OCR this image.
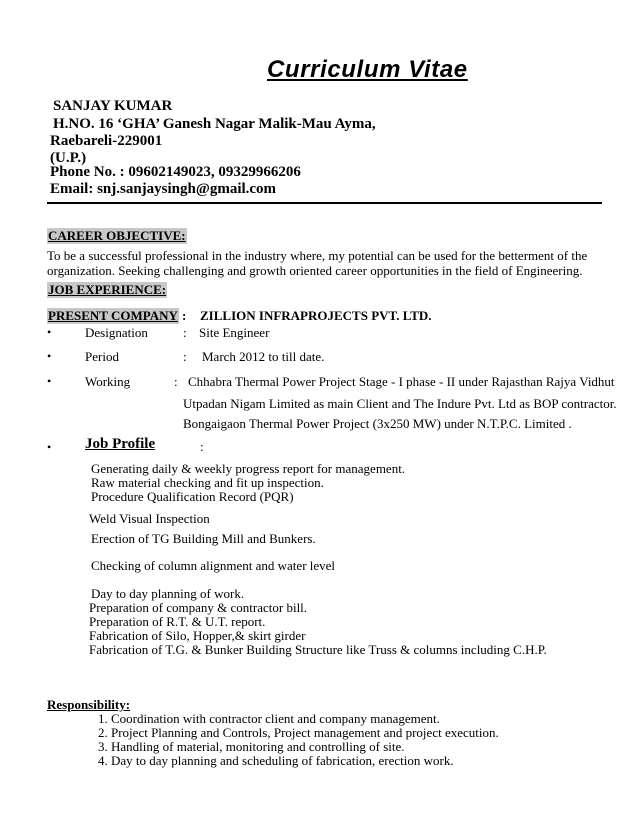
Curriculum Vitae
SANJAY KUMAR
H.NO. 16 ‘GHA’ Ganesh Nagar Malik-Mau Ayma,
Raebareli-229001
(U.P.)
Phone No. : 09602149023, 09329966206
Email: snj.sanjaysingh@gmail.com
CAREER OBJECTIVE:
To be a successful professional in the industry where, my potential can be used for the betterment of the organization. Seeking challenging and growth oriented career opportunities in the field of Engineering.
JOB EXPERIENCE:
PRESENT COMPANY : ZILLION INFRAPROJECTS PVT. LTD.
•	Designation	: Site Engineer
•	Period	: March 2012 to till date.
•	Working	: Chhabra Thermal Power Project Stage - I phase - II under Rajasthan Rajya Vidhut
Utpadan Nigam Limited as main Client and The Indure Pvt. Ltd as BOP contractor.
Bongaigaon Thermal Power Project (3x250 MW) under N.T.P.C. Limited .
• Job Profile	:
Generating daily & weekly progress report for management.
Raw material checking and fit up inspection.
Procedure Qualification Record (PQR)
Weld Visual Inspection
Erection of TG Building Mill and Bunkers.
Checking of column alignment and water level
Day to day planning of work.
Preparation of company & contractor bill.
Preparation of R.T. & U.T. report.
Fabrication of Silo, Hopper,& skirt girder
Fabrication of T.G. & Bunker Building Structure like Truss & columns including C.H.P.
Responsibility:
1. Coordination with contractor client and company management.
2. Project Planning and Controls, Project management and project execution.
3. Handling of material, monitoring and controlling of site.
4. Day to day planning and scheduling of fabrication, erection work.
